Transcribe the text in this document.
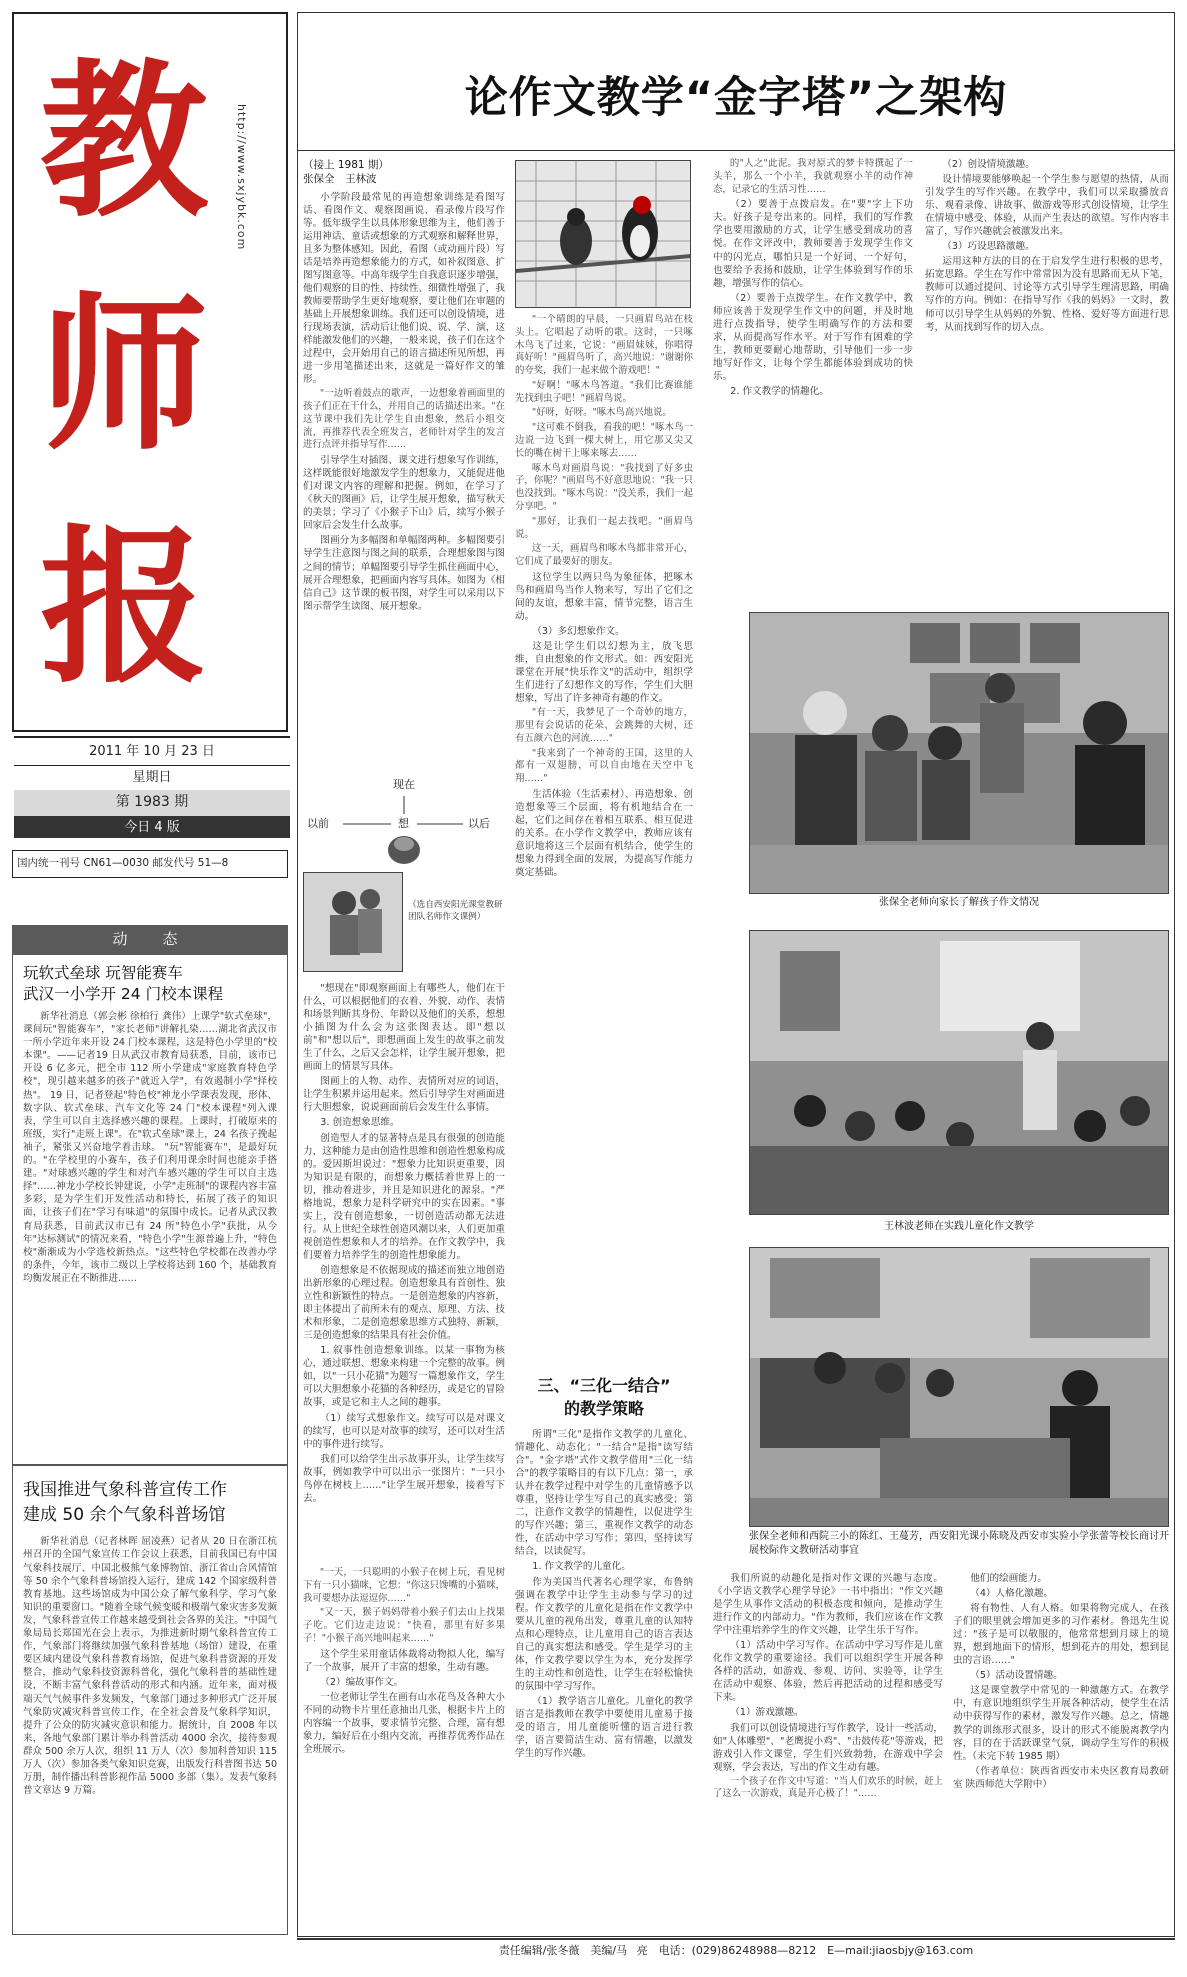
教
师
报
http://www.sxjybk.com
2011 年 10 月 23 日
星期日
第 1983 期
今日 4 版
国内统一刊号 CN61—0030 邮发代号 51—8
动　态
玩软式垒球 玩智能赛车
武汉一小学开 24 门校本课程
新华社消息（郭会彬 徐柏行 龚伟）上课学"软式垒球"，课间玩"智能赛车"，"家长老师"讲解扎染……湖北省武汉市一所小学近年来开设 24 门校本课程，这是特色小学里的"校本课"。——记者19 日从武汉市教育局获悉，目前，该市已开设 6 亿多元，把全市 112 所小学建成"家庭教育特色学校"，现引越来越多的孩子"就近入学"，有效遏制小学"择校热"。 19 日，记者登起"特色校"神龙小学课表发现，形体、数字队、软式垒球、汽车文化等 24 门"校本课程"列入课表，学生可以自主选择感兴趣的课程。上课时，打破原来的班级，实行"走班上课"。在"软式垒球"课上，24 名孩子挽起袖子，紧张又兴奋地学着击球。 "玩"智能赛车"，是最好玩的。"在学校里的小赛车，孩子们利用课余时间也能亲手搭建。"对球感兴趣的学生和对汽车感兴趣的学生可以自主选择"……神龙小学校长钟建说，小学"走班制"的课程内容丰富多彩，是为学生们开发性活动和特长，拓展了孩子的知识面，让孩子们在"学习有味道"的氛围中成长。记者从武汉教育局获悉，目前武汉市已有 24 所"特色小学"获批，从今年"达标测试"的情况来看，"特色小学"生源普遍上升，"特色校"渐渐成为小学选校新热点。"这些特色学校都在改善办学的条件，今年，该市二级以上学校将达到 160 个，基础教育均衡发展正在不断推进……
我国推进气象科普宣传工作
建成 50 余个气象科普场馆
新华社消息（记者林晖 屈凌燕）记者从 20 日在浙江杭州召开的全国气象宣传工作会议上获悉，目前我国已有中国气象科技展厅、中国北极熊气象博物馆、浙江省山合风情馆等 50 余个气象科普场馆投入运行，建成 142 个国家级科普教育基地。这些场馆成为中国公众了解气象科学、学习气象知识的重要窗口。"随着全球气候变暖和极端气象灾害多发频发，气象科普宣传工作越来越受到社会各界的关注。"中国气象局局长郑国光在会上表示，为推进新时期气象科普宣传工作，气象部门将继续加强气象科普基地（场馆）建设，在重要区域内建设气象科普教育场馆，促进气象科普资源的开发整合，推动气象科技资源科普化，强化气象科普的基础性建设，不断丰富气象科普活动的形式和内涵。近年来，面对极端天气气候事件多发频发，气象部门通过多种形式广泛开展气象防灾减灾科普宣传工作，在全社会普及气象科学知识，提升了公众的防灾减灾意识和能力。据统计，自 2008 年以来，各地气象部门累计举办科普活动 4000 余次，接待参观群众 500 余万人次，组织 11 万人（次）参加科普知识 115 万人（次）参加各类气象知识竞赛，出版发行科普图书达 50 万册，制作播出科普影视作品 5000 多部（集）。发表气象科普文章达 9 万篇。
论作文教学“金字塔”之架构
（接上 1981 期）
张保全　王林波

小学阶段最常见的再造想象训练是看图写话、看图作文、观察图画说、看录像片段写作等。低年级学生以具体形象思维为主，他们善于运用神话、童话或想象的方式观察和解释世界，且多为整体感知。因此，看图（或动画片段）写话是培养再造想象能力的方式，如补叙图意、扩图写图意等。中高年级学生自我意识逐步增强，他们观察的目的性、持续性、细微性增强了，我教师要帮助学生更好地观察，要让他们在审题的基础上开展想象训练。我们还可以创设情境，进行现场表演，活动后让他们说、说、学、演，这样能激发他们的兴趣，一般来说，孩子们在这个过程中，会开始用自己的语言描述所见所想，再进一步用笔描述出来，这就是一篇好作文的雏形。

"一边听着鼓点的歌声，一边想象着画面里的孩子们正在干什么，并用自己的话描述出来。"在这节课中我们先让学生自由想象，然后小组交流，再推荐代表全班发言，老师针对学生的发言进行点评并指导写作……

引导学生对插图、课文进行想象写作训练，这样既能很好地激发学生的想象力，又能促进他们对课文内容的理解和把握。例如，在学习了《秋天的图画》后，让学生展开想象，描写秋天的美景；学习了《小猴子下山》后，续写小猴子回家后会发生什么故事。

图画分为多幅图和单幅图两种。多幅图要引导学生注意图与图之间的联系，合理想象图与图之间的情节；单幅图要引导学生抓住画面中心，展开合理想象，把画面内容写具体。如图为《相信自己》这节课的板书图，对学生可以采用以下图示帮学生读图、展开想象。

现在
以前	想	以后
（选自西安阳光课堂教研团队名师作文课例）

"想现在"即观察画面上有哪些人，他们在干什么，可以根据他们的衣着、外貌、动作、表情和场景判断其身份、年龄以及他们的关系，想想小插图为什么会为这张图表达。即"想以前"和"想以后"，即想画面上发生的故事之前发生了什么，之后又会怎样，让学生展开想象，把画面上的情景写具体。

图画上的人物、动作、表情所对应的词语，让学生积累并运用起来。然后引导学生对画面进行大胆想象，说说画面前后会发生什么事情。

3. 创造想象思维。

创造型人才的显著特点是具有很强的创造能力，这种能力是由创造性思维和创造性想象构成的。爱因斯坦说过："想象力比知识更重要，因为知识是有限的，而想象力概括着世界上的一切，推动着进步，并且是知识进化的源泉。"严格地说，想象力是科学研究中的实在因素。"事实上，没有创造想象，一切创造活动都无法进行。从上世纪全球性创造风潮以来，人们更加重视创造性想象和人才的培养。在作文教学中，我们要着力培养学生的创造性想象能力。

创造想象是不依据现成的描述而独立地创造出新形象的心理过程。创造想象具有首创性、独立性和新颖性的特点。一是创造想象的内容新，即主体提出了前所未有的观点、原理、方法、技术和形象，二是创造想象思维方式独特、新颖，三是创造想象的结果具有社会价值。

1. 叙事性创造想象训练。以某一事物为核心，通过联想、想象来构建一个完整的故事。例如，以"一只小花猫"为题写一篇想象作文，学生可以大胆想象小花猫的各种经历，或是它的冒险故事，或是它和主人之间的趣事。

（1）续写式想象作文。续写可以是对课文的续写，也可以是对故事的续写，还可以对生活中的事件进行续写。

我们可以给学生出示故事开头，让学生续写故事，例如教学中可以出示一张图片："一只小鸟停在树枝上……"让学生展开想象，接着写下去。

"一天，一只聪明的小猴子在树上玩，看见树下有一只小猫咪，它想："你这只馋嘴的小猫咪，我可要想办法逗逗你……"

"又一天，猴子妈妈带着小猴子们去山上找果子吃。它们边走边说："快看，那里有好多果子！"小猴子高兴地叫起来……"

这个学生采用童话体裁将动物拟人化，编写了一个故事，展开了丰富的想象，生动有趣。

（2）编故事作文。

一位老师让学生在画有山水花鸟及各种大小不同的动物卡片里任意抽出几张，根据卡片上的内容编一个故事，要求情节完整、合理，富有想象力，编好后在小组内交流，再推荐优秀作品在全班展示。

"一个晴朗的早晨，一只画眉鸟站在枝头上。它唱起了动听的歌。这时，一只啄木鸟飞了过来，它说："画眉妹妹，你唱得真好听！"画眉鸟听了，高兴地说："谢谢你的夸奖，我们一起来做个游戏吧！"

"好啊！"啄木鸟答道。"我们比赛谁能先找到虫子吧！"画眉鸟说。

"好呀，好呀。"啄木鸟高兴地说。

"这可难不倒我，看我的吧！"啄木鸟一边说一边飞到一棵大树上，用它那又尖又长的嘴在树干上啄来啄去……

啄木鸟对画眉鸟说："我找到了好多虫子，你呢？"画眉鸟不好意思地说："我一只也没找到。"啄木鸟说："没关系，我们一起分享吧。"

"那好，让我们一起去找吧。"画眉鸟说。

这一天，画眉鸟和啄木鸟都非常开心，它们成了最要好的朋友。

这位学生以两只鸟为象征体，把啄木鸟和画眉鸟当作人物来写，写出了它们之间的友谊，想象丰富，情节完整，语言生动。

（3）多幻想象作文。

这是让学生们以幻想为主，放飞思维，自由想象的作文形式。如：西安阳光课堂在开展"快乐作文"的活动中，组织学生们进行了幻想作文的写作，学生们大胆想象，写出了许多神奇有趣的作文。

"有一天，我梦见了一个奇妙的地方，那里有会说话的花朵、会跳舞的大树，还有五颜六色的河流……"

"我来到了一个神奇的王国，这里的人都有一双翅膀，可以自由地在天空中飞翔……"

生活体验（生活素材）、再造想象、创造想象等三个层面，将有机地结合在一起，它们之间存在着相互联系、相互促进的关系。在小学作文教学中，教师应该有意识地将这三个层面有机结合，使学生的想象力得到全面的发展，为提高写作能力奠定基础。

三、“三化一结合”
的教学策略

所谓"三化"是指作文教学的儿童化、情趣化、动态化；"一结合"是指"读写结合"。"金字塔"式作文教学借用"三化一结合"的教学策略目的有以下几点：第一，承认并在教学过程中对学生的儿童情感予以尊重，坚持让学生写自己的真实感受；第二，注意作文教学的情趣性，以促进学生的写作兴趣；第三，重视作文教学的动态性，在活动中学习写作；第四，坚持读写结合，以读促写。

1. 作文教学的儿童化。

作为美国当代著名心理学家，布鲁纳强调在教学中让学生主动参与学习的过程。作文教学的儿童化是指在作文教学中要从儿童的视角出发，尊重儿童的认知特点和心理特点，让儿童用自己的语言表达自己的真实想法和感受。学生是学习的主体，作文教学要以学生为本，充分发挥学生的主动性和创造性，让学生在轻松愉快的氛围中学习写作。

（1）教学语言儿童化。儿童化的教学语言是指教师在教学中要使用儿童易于接受的语言，用儿童能听懂的语言进行教学，语言要简洁生动、富有情趣，以激发学生的写作兴趣。

的"人之"此泥。我对原式的梦卡特撰起了一头羊，那么一个小羊，我就观察小羊的动作神态，记录它的生活习性……

（2）要善于点拨启发。在"要"字上下功夫。好孩子是夸出来的。同样，我们的写作教学也要用激励的方式，让学生感受到成功的喜悦。在作文评改中，教师要善于发现学生作文中的闪光点，哪怕只是一个好词、一个好句，也要给予表扬和鼓励，让学生体验到写作的乐趣，增强写作的信心。

（2）要善于点拨学生。在作文教学中，教师应该善于发现学生作文中的问题，并及时地进行点拨指导，使学生明确写作的方法和要求，从而提高写作水平。对于写作有困难的学生，教师更要耐心地帮助，引导他们一步一步地写好作文，让每个学生都能体验到成功的快乐。

2. 作文教学的情趣化。

（2）创设情境激趣。

设计情境要能够唤起一个学生参与愿望的热情，从而引发学生的写作兴趣。在教学中，我们可以采取播放音乐、观看录像、讲故事、做游戏等形式创设情境，让学生在情境中感受、体验，从而产生表达的欲望。写作内容丰富了，写作兴趣就会被激发出来。

（3）巧设思路激趣。

运用这种方法的目的在于启发学生进行积极的思考，拓宽思路。学生在写作中常常因为没有思路而无从下笔，教师可以通过提问、讨论等方式引导学生理清思路，明确写作的方向。例如：在指导写作《我的妈妈》一文时，教师可以引导学生从妈妈的外貌、性格、爱好等方面进行思考，从而找到写作的切入点。

张保全老师向家长了解孩子作文情况
王林波老师在实践儿童化作文教学
张保全老师和西院三小的陈红、王蔓芳，西安阳光课小陈晓及西安市实验小学张蕾等校长商讨开展校际作文教研活动事宜

我们所说的动趣化是指对作文课的兴趣与态度。《小学语文教学心理学导论》一书中指出："作文兴趣是学生从事作文活动的积极态度和倾向，是推动学生进行作文的内部动力。"作为教师，我们应该在作文教学中注重培养学生的作文兴趣，让学生乐于写作。

（1）活动中学习写作。在活动中学习写作是儿童化作文教学的重要途径。我们可以组织学生开展各种各样的活动，如游戏、参观、访问、实验等，让学生在活动中观察、体验，然后再把活动的过程和感受写下来。

（1）游戏激趣。

我们可以创设情境进行写作教学，设计一些活动，如"人体雕塑"、"老鹰捉小鸡"、"击鼓传花"等游戏，把游戏引入作文课堂，学生们兴致勃勃，在游戏中学会观察，学会表达，写出的作文生动有趣。

一个孩子在作文中写道："当人们欢乐的时候，赶上了这么一次游戏，真是开心极了！"……

他们的绘画能力。

（4）人格化激趣。

将有物性、人有人格。如果将物完成人，在孩子们的眼里就会增加更多的习作素材。鲁迅先生说过："孩子是可以敬服的，他常常想到月球上的境界，想到地面下的情形，想到花卉的用处，想到昆虫的言语……"

（5）活动设置情趣。

这是课堂教学中常见的一种激趣方式。在教学中，有意识地组织学生开展各种活动，使学生在活动中获得写作的素材，激发写作兴趣。总之，情趣教学的训练形式很多，设计的形式不能脱离教学内容，目的在于活跃课堂气氛，调动学生写作的积极性。（未完下转 1985 期）

（作者单位：陕西省西安市未央区教育局教研室 陕西师范大学附中）

责任编辑/张冬薇　美编/马 亮　电话：(029)86248988—8212　E—mail:jiaosbjy@163.com
